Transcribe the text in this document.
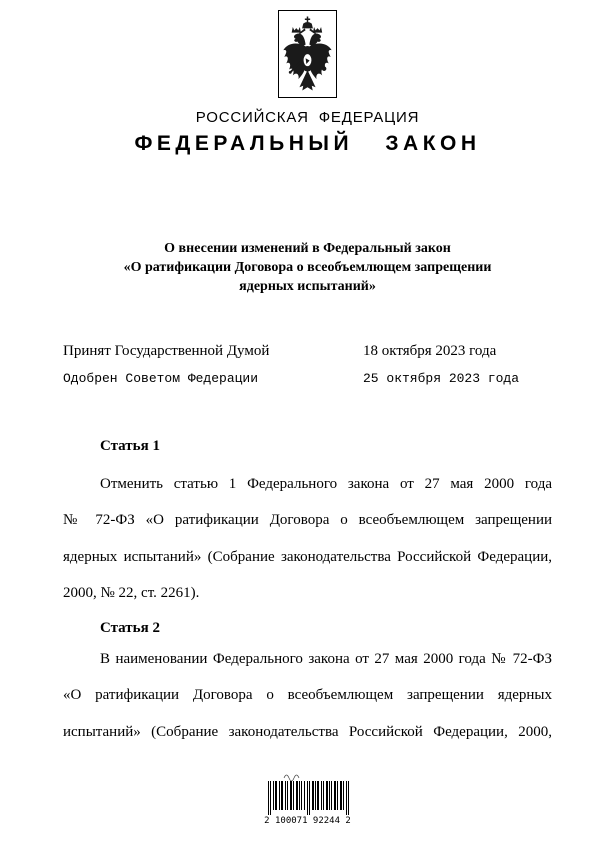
РОССИЙСКАЯ ФЕДЕРАЦИЯ
ФЕДЕРАЛЬНЫЙ ЗАКОН
О внесении изменений в Федеральный закон
«О ратификации Договора о всеобъемлющем запрещении
ядерных испытаний»
Принят Государственной Думой	18 октября 2023 года
Одобрен Советом Федерации	25 октября 2023 года
Статья 1
Отменить статью 1 Федерального закона от 27 мая 2000 года
№ 72-ФЗ «О ратификации Договора о всеобъемлющем запрещении
ядерных испытаний» (Собрание законодательства Российской Федерации,
2000, № 22, ст. 2261).
Статья 2
В наименовании Федерального закона от 27 мая 2000 года № 72-ФЗ
«О ратификации Договора о всеобъемлющем запрещении ядерных
испытаний» (Собрание законодательства Российской Федерации, 2000,
2 100071 92244 2
